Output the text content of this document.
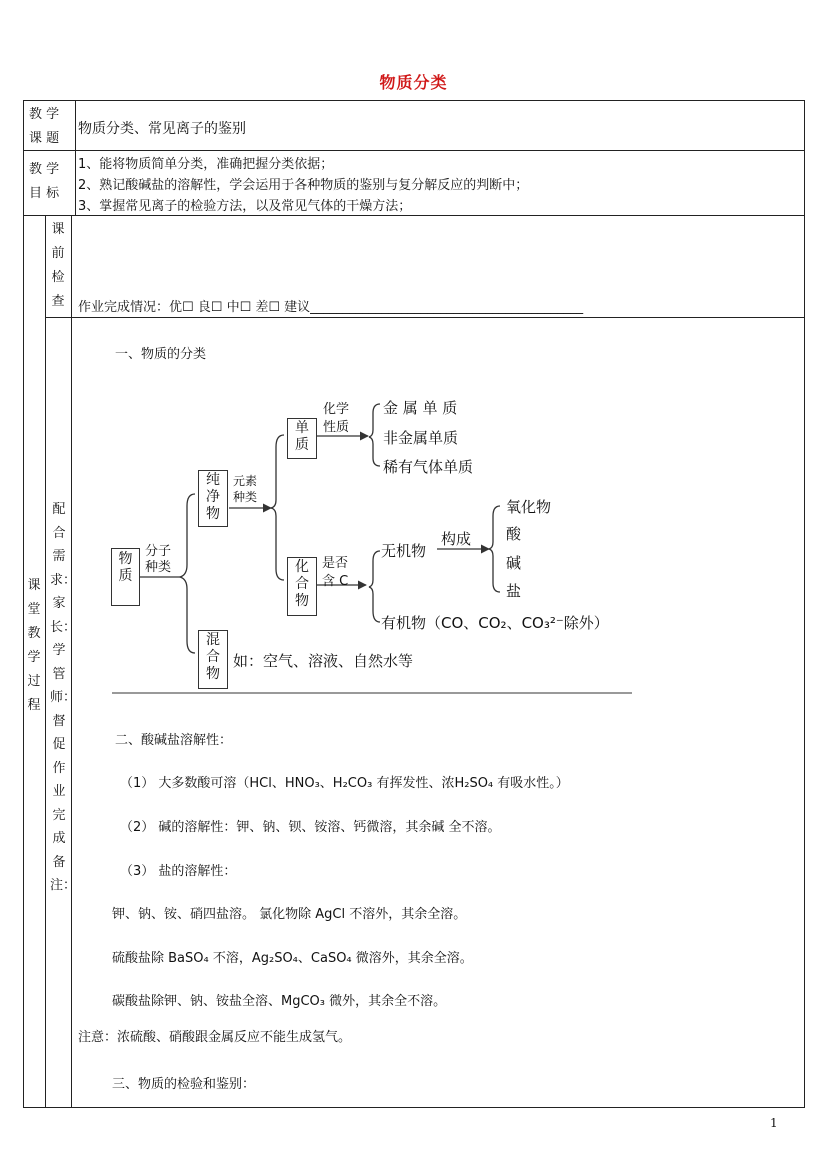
物质分类
教 学
课 题
物质分类、常见离子的鉴别
教 学
目 标
1、能将物质简单分类，准确把握分类依据；
2、熟记酸碱盐的溶解性，学会运用于各种物质的鉴别与复分解反应的判断中；
3、掌握常见离子的检验方法，以及常见气体的干燥方法；
课前检查 作业完成情况：优☐ 良☐ 中☐ 差☐ 建议__________________________________________
课堂教学过程
配合需求：家长：学管师：督促作业完成备注：
一、物质的分类
物质
纯净物
混合物
单质
化合物
分子
种类
元素
种类
化学
性质
金 属 单 质
非金属单质
稀有气体单质
是否
含 C
无机物
构成
氧化物
酸
碱
盐
有机物（CO、CO₂、CO₃²⁻除外）
如：空气、溶液、自然水等
二、酸碱盐溶解性：
（1） 大多数酸可溶（HCl、HNO₃、H₂CO₃ 有挥发性、浓H₂SO₄ 有吸水性。）
（2） 碱的溶解性：钾、钠、钡、铵溶、钙微溶，其余碱 全不溶。
（3） 盐的溶解性：
钾、钠、铵、硝四盐溶。 氯化物除 AgCl 不溶外，其余全溶。
硫酸盐除 BaSO₄ 不溶，Ag₂SO₄、CaSO₄ 微溶外，其余全溶。
碳酸盐除钾、钠、铵盐全溶、MgCO₃ 微外，其余全不溶。
注意：浓硫酸、硝酸跟金属反应不能生成氢气。
三、物质的检验和鉴别：
1
